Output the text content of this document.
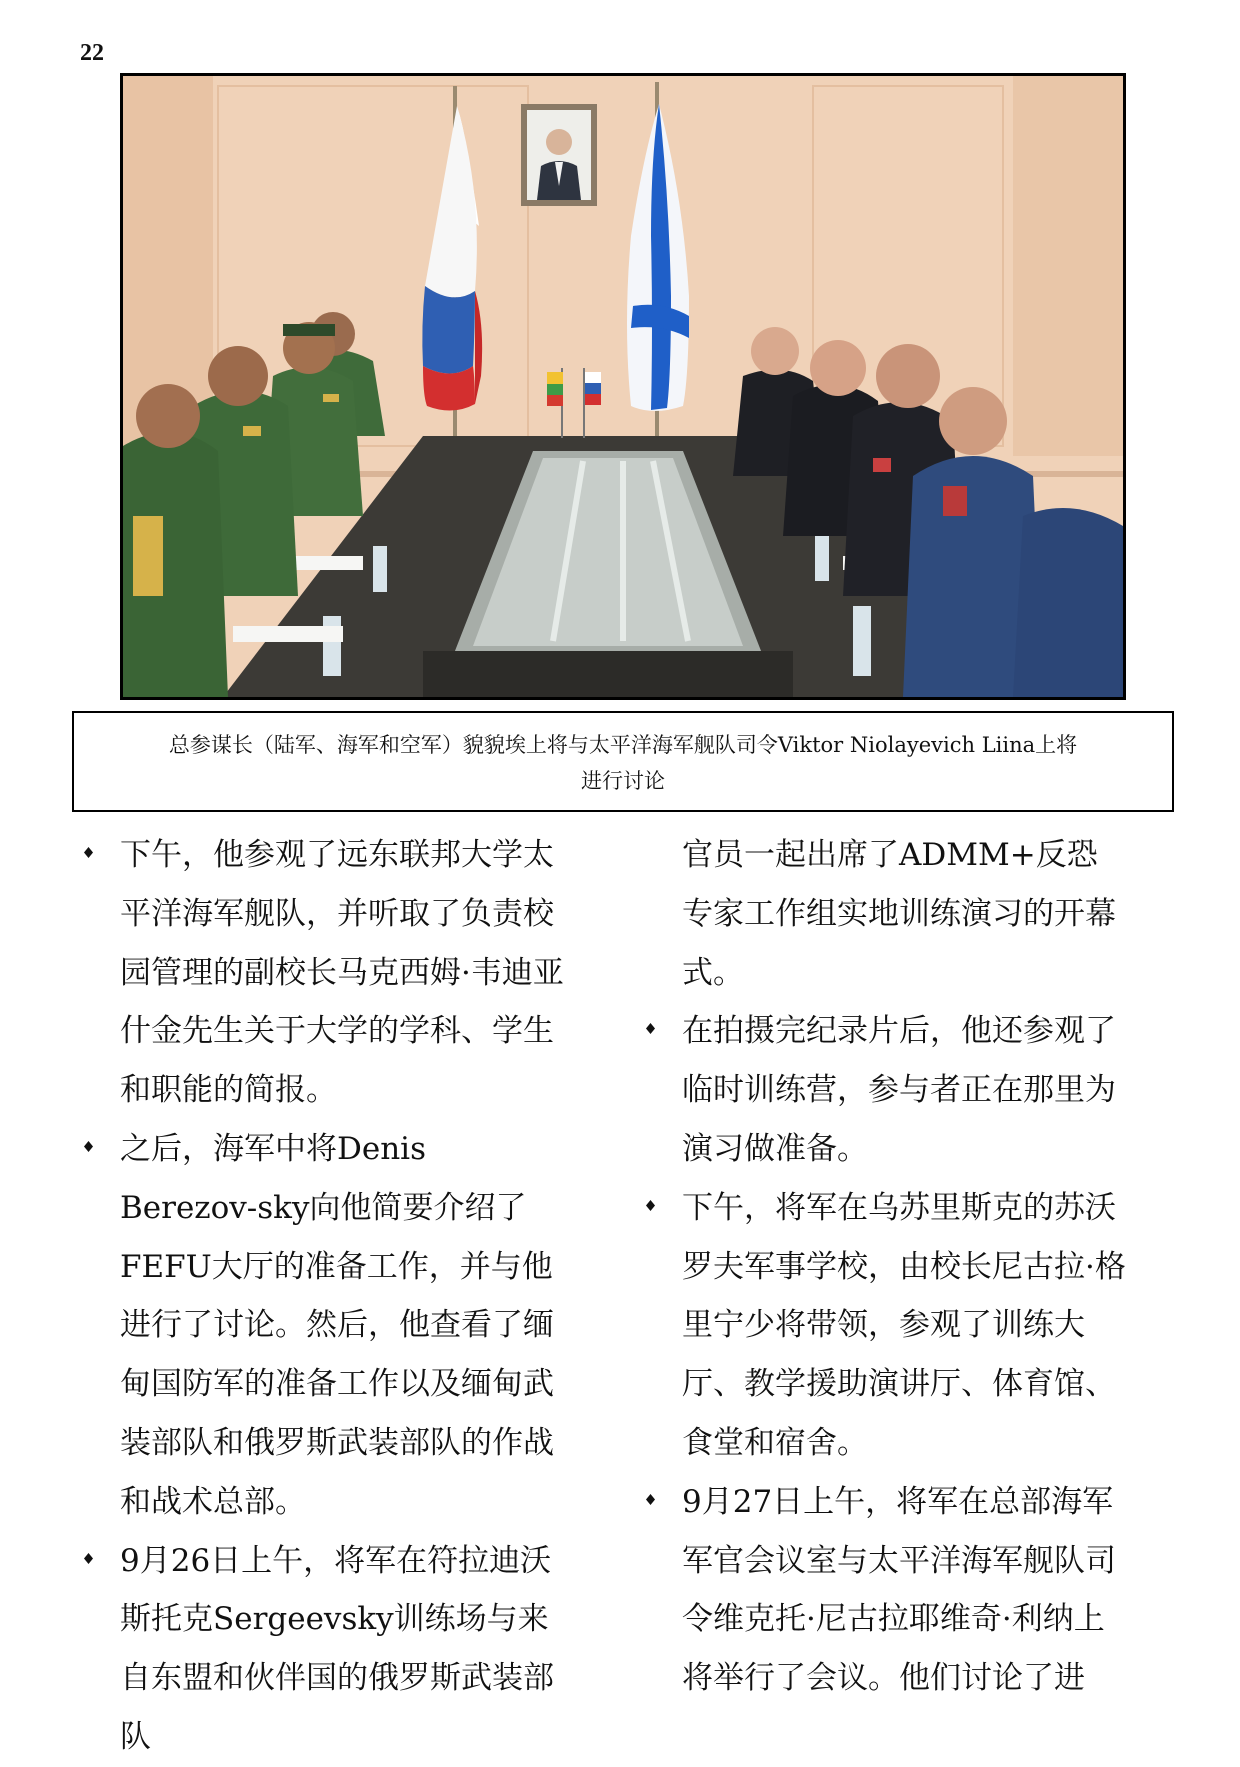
22
总参谋长（陆军、海军和空军）貌貌埃上将与太平洋海军舰队司令Viktor Niolayevich Liina上将
进行讨论
下午，他参观了远东联邦大学太平洋海军舰队，并听取了负责校园管理的副校长马克西姆·韦迪亚什金先生关于大学的学科、学生和职能的简报。
之后，海军中将Denis Berezov-sky向他简要介绍了FEFU大厅的准备工作，并与他进行了讨论。然后，他查看了缅甸国防军的准备工作以及缅甸武装部队和俄罗斯武装部队的作战和战术总部。
9月26日上午，将军在符拉迪沃斯托克Sergeevsky训练场与来自东盟和伙伴国的俄罗斯武装部队
官员一起出席了ADMM+反恐专家工作组实地训练演习的开幕式。
在拍摄完纪录片后，他还参观了临时训练营，参与者正在那里为演习做准备。
下午，将军在乌苏里斯克的苏沃罗夫军事学校，由校长尼古拉·格里宁少将带领，参观了训练大厅、教学援助演讲厅、体育馆、食堂和宿舍。
9月27日上午，将军在总部海军军官会议室与太平洋海军舰队司令维克托·尼古拉耶维奇·利纳上将举行了会议。他们讨论了进
